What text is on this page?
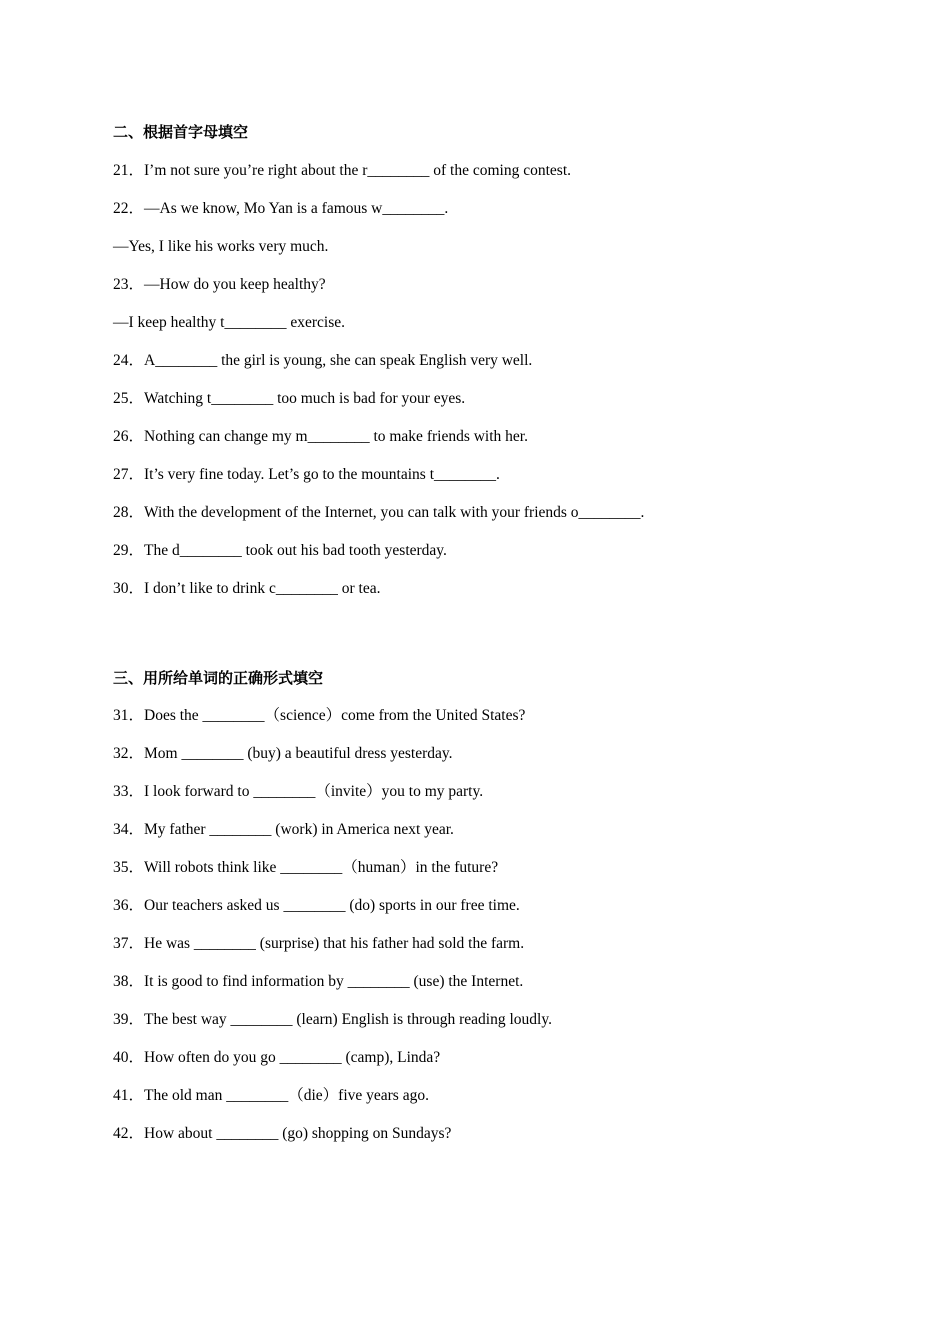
二、根据首字母填空
21．I’m not sure you’re right about the r________ of the coming contest.
22．—As we know, Mo Yan is a famous w________.
—Yes, I like his works very much.
23．—How do you keep healthy?
—I keep healthy t________ exercise.
24．A________ the girl is young, she can speak English very well.
25．Watching t________ too much is bad for your eyes.
26．Nothing can change my m________ to make friends with her.
27．It’s very fine today. Let’s go to the mountains t________.
28．With the development of the Internet, you can talk with your friends o________.
29．The d________ took out his bad tooth yesterday.
30．I don’t like to drink c________ or tea.
三、用所给单词的正确形式填空
31．Does the ________（science）come from the United States?
32．Mom ________ (buy) a beautiful dress yesterday.
33．I look forward to ________（invite）you to my party.
34．My father ________ (work) in America next year.
35．Will robots think like ________（human）in the future?
36．Our teachers asked us ________ (do) sports in our free time.
37．He was ________ (surprise) that his father had sold the farm.
38．It is good to find information by ________ (use) the Internet.
39．The best way ________ (learn) English is through reading loudly.
40．How often do you go ________ (camp), Linda?
41．The old man ________（die）five years ago.
42．How about ________ (go) shopping on Sundays?
